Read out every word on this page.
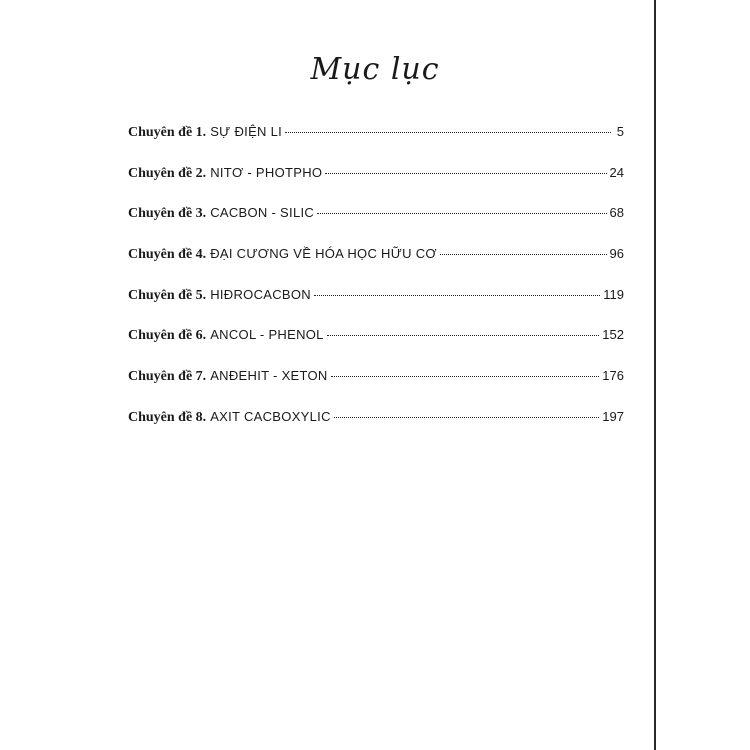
Mục lục
Chuyên đề 1. SỰ ĐIỆN LI	5
Chuyên đề 2. NITƠ - PHOTPHO	24
Chuyên đề 3. CACBON - SILIC	68
Chuyên đề 4. ĐẠI CƯƠNG VỀ HÓA HỌC HỮU CƠ	96
Chuyên đề 5. HIĐROCACBON	119
Chuyên đề 6. ANCOL - PHENOL	152
Chuyên đề 7. ANĐEHIT - XETON	176
Chuyên đề 8. AXIT CACBOXYLIC	197
